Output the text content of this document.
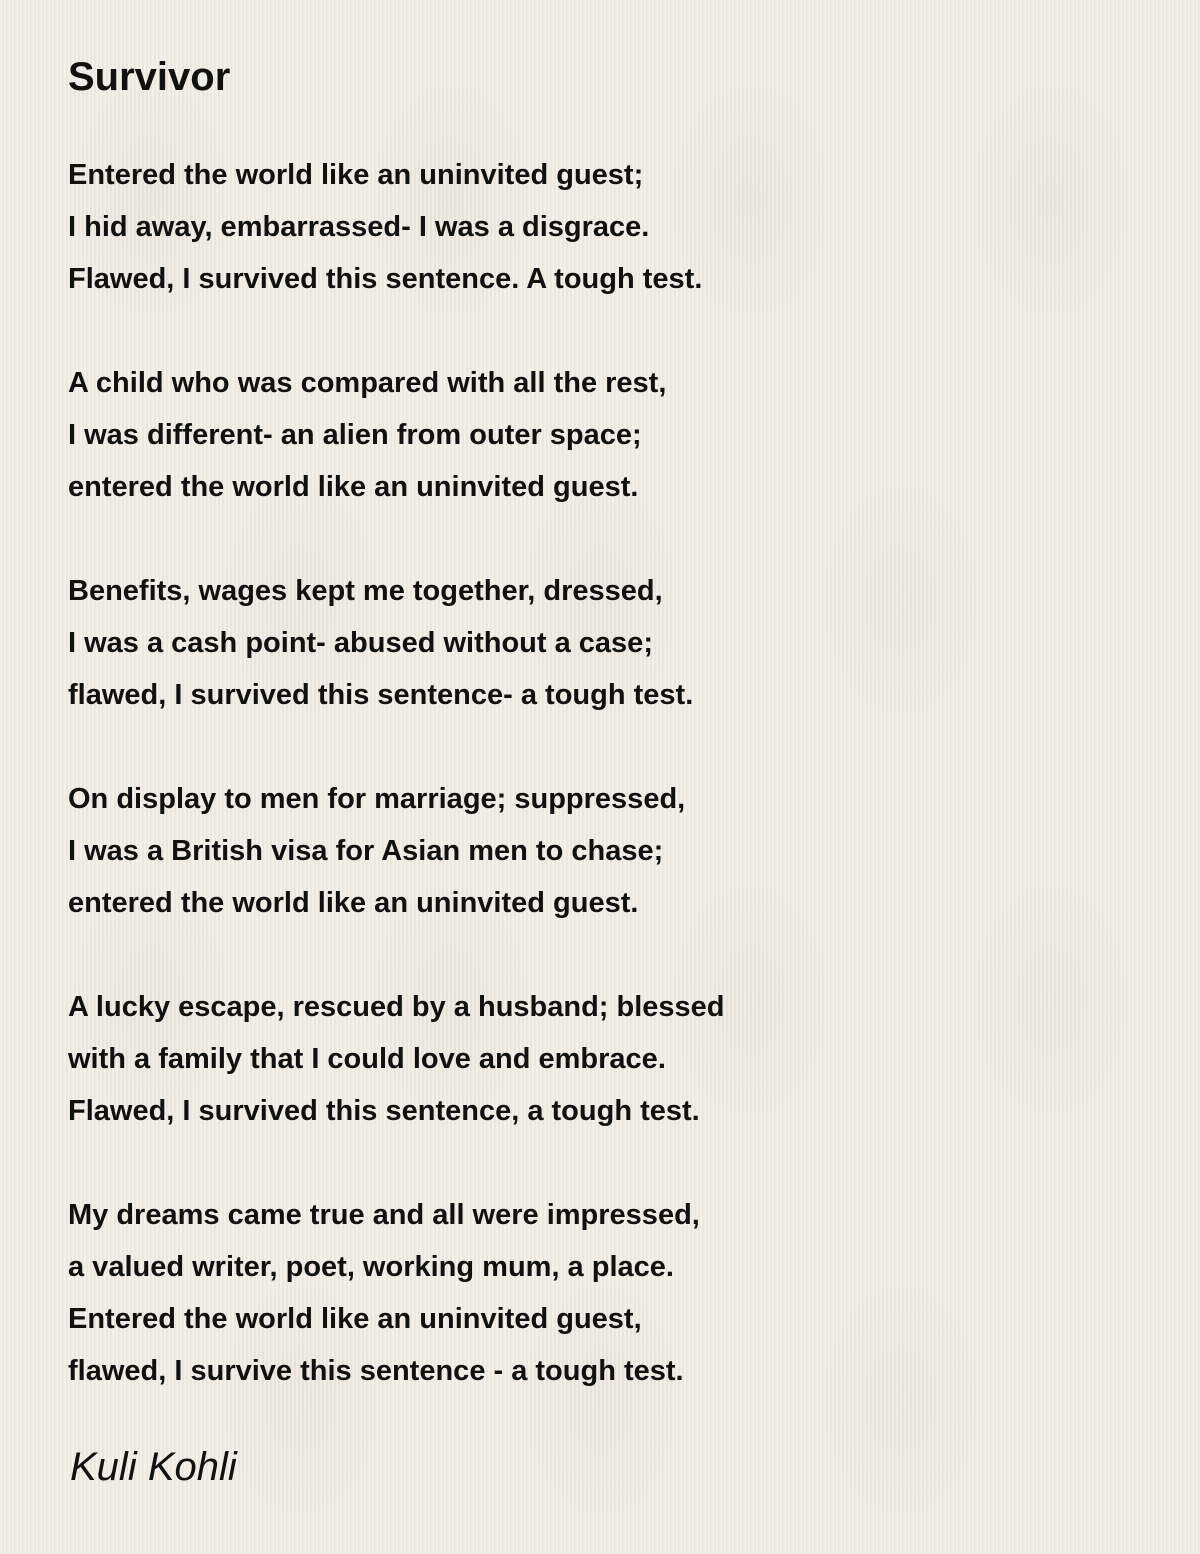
Survivor
Entered the world like an uninvited guest;
I hid away, embarrassed- I was a disgrace.
Flawed, I survived this sentence. A tough test.
A child who was compared with all the rest,
I was different- an alien from outer space;
entered the world like an uninvited guest.
Benefits, wages kept me together, dressed,
I was a cash point- abused without a case;
flawed, I survived this sentence- a tough test.
On display to men for marriage; suppressed,
I was a British visa for Asian men to chase;
entered the world like an uninvited guest.
A lucky escape, rescued by a husband; blessed
with a family that I could love and embrace.
Flawed, I survived this sentence, a tough test.
My dreams came true and all were impressed,
a valued writer, poet, working mum, a place.
Entered the world like an uninvited guest,
flawed, I survive this sentence - a tough test.
Kuli Kohli
